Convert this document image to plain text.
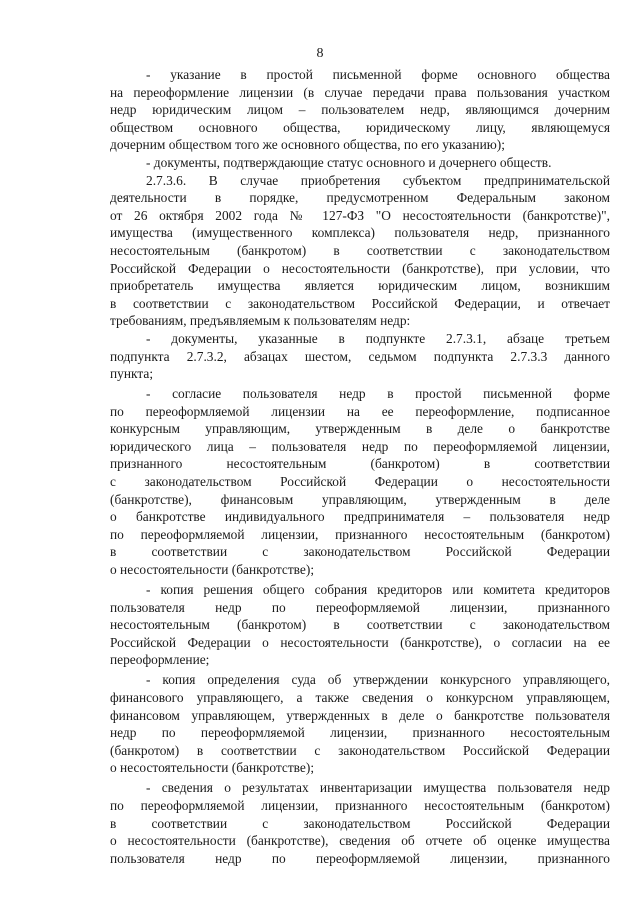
8
- указание в простой письменной форме основного общества
на переоформление лицензии (в случае передачи права пользования участком
недр юридическим лицом – пользователем недр, являющимся дочерним
обществом основного общества, юридическому лицу, являющемуся
дочерним обществом того же основного общества, по его указанию);
- документы, подтверждающие статус основного и дочернего обществ.
2.7.3.6. В случае приобретения субъектом предпринимательской
деятельности в порядке, предусмотренном Федеральным законом
от 26 октября 2002 года № 127-ФЗ "О несостоятельности (банкротстве)",
имущества (имущественного комплекса) пользователя недр, признанного
несостоятельным (банкротом) в соответствии с законодательством
Российской Федерации о несостоятельности (банкротстве), при условии, что
приобретатель имущества является юридическим лицом, возникшим
в соответствии с законодательством Российской Федерации, и отвечает
требованиям, предъявляемым к пользователям недр:
- документы, указанные в подпункте 2.7.3.1, абзаце третьем
подпункта 2.7.3.2, абзацах шестом, седьмом подпункта 2.7.3.3 данного
пункта;
- согласие пользователя недр в простой письменной форме
по переоформляемой лицензии на ее переоформление, подписанное
конкурсным управляющим, утвержденным в деле о банкротстве
юридического лица – пользователя недр по переоформляемой лицензии,
признанного несостоятельным (банкротом) в соответствии
с законодательством Российской Федерации о несостоятельности
(банкротстве), финансовым управляющим, утвержденным в деле
о банкротстве индивидуального предпринимателя – пользователя недр
по переоформляемой лицензии, признанного несостоятельным (банкротом)
в соответствии с законодательством Российской Федерации
о несостоятельности (банкротстве);
- копия решения общего собрания кредиторов или комитета кредиторов
пользователя недр по переоформляемой лицензии, признанного
несостоятельным (банкротом) в соответствии с законодательством
Российской Федерации о несостоятельности (банкротстве), о согласии на ее
переоформление;
- копия определения суда об утверждении конкурсного управляющего,
финансового управляющего, а также сведения о конкурсном управляющем,
финансовом управляющем, утвержденных в деле о банкротстве пользователя
недр по переоформляемой лицензии, признанного несостоятельным
(банкротом) в соответствии с законодательством Российской Федерации
о несостоятельности (банкротстве);
- сведения о результатах инвентаризации имущества пользователя недр
по переоформляемой лицензии, признанного несостоятельным (банкротом)
в соответствии с законодательством Российской Федерации
о несостоятельности (банкротстве), сведения об отчете об оценке имущества
пользователя недр по переоформляемой лицензии, признанного
